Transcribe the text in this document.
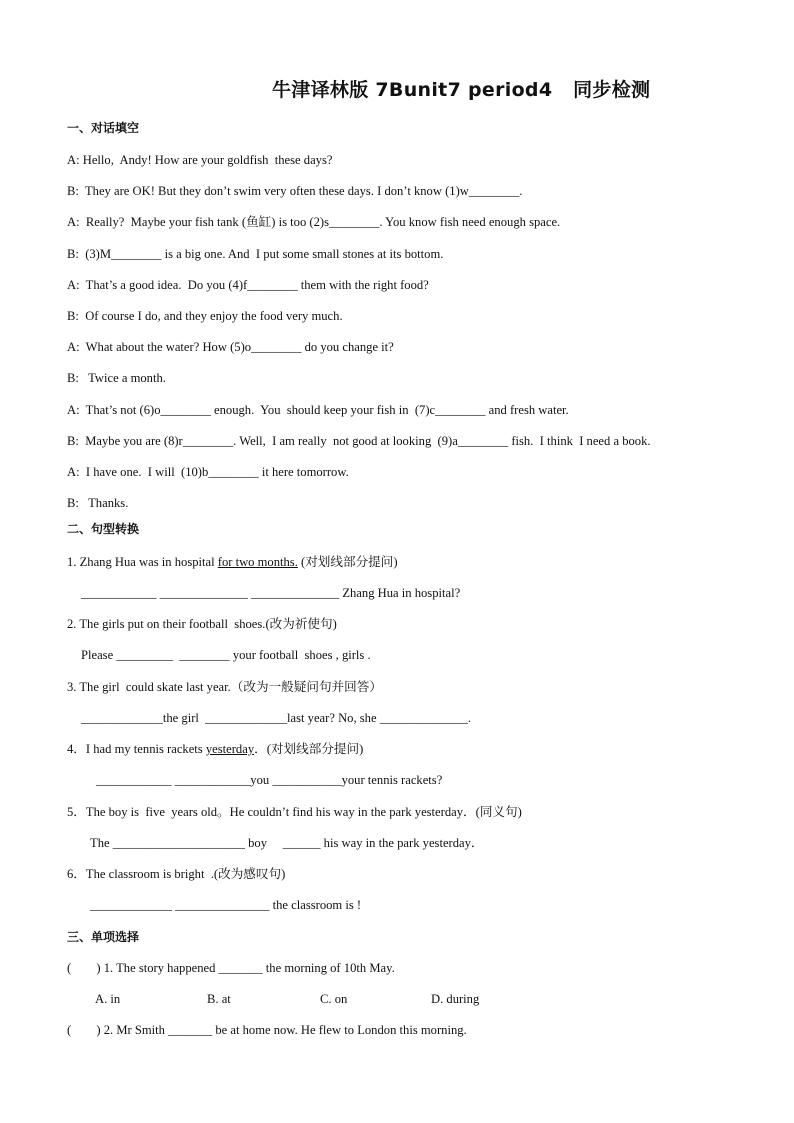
牛津译林版 7Bunit7 period4   同步检测
一、对话填空
A: Hello,  Andy! How are your goldfish  these days?
B:  They are OK! But they don’t swim very often these days. I don’t know (1)w________.
A:  Really?  Maybe your fish tank (鱼缸) is too (2)s________. You know fish need enough space.
B:  (3)M________ is a big one. And  I put some small stones at its bottom.
A:  That’s a good idea.  Do you (4)f________ them with the right food?
B:  Of course I do, and they enjoy the food very much.
A:  What about the water? How (5)o________ do you change it?
B:   Twice a month.
A:  That’s not (6)o________ enough.  You  should keep your fish in  (7)c________ and fresh water.
B:  Maybe you are (8)r________. Well,  I am really  not good at looking  (9)a________ fish.  I think  I need a book.
A:  I have one.  I will  (10)b________ it here tomorrow.
B:   Thanks.
二、句型转换
1. Zhang Hua was in hospital for two months. (对划线部分提问)
____________ ______________ ______________ Zhang Hua in hospital?
2. The girls put on their football  shoes.(改为祈使句)
Please _________  ________ your football  shoes , girls .
3. The girl  could skate last year.（改为一般疑问句并回答）
_____________the girl  _____________last year? No, she ______________.
4．I had my tennis rackets yesterday．(对划线部分提问)
____________ ____________you ___________your tennis rackets?
5．The boy is  five  years old。He couldn’t find his way in the park yesterday．(同义句)
The _____________________ boy     ______ his way in the park yesterday．
6．The classroom is bright  .(改为感叹句)
_____________ _______________ the classroom is !
三、单项选择
(        ) 1. The story happened _______ the morning of 10th May.
A. in	B. at	C. on	D. during
(        ) 2. Mr Smith _______ be at home now. He flew to London this morning.
